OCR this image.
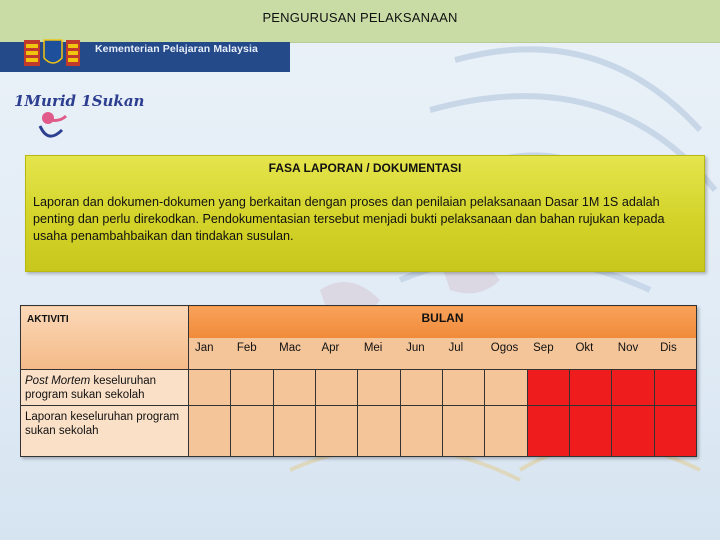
PENGURUSAN PELAKSANAAN
Kementerian Pelajaran Malaysia
1Murid 1Sukan
FASA LAPORAN / DOKUMENTASI
Laporan dan dokumen-dokumen yang berkaitan dengan proses dan penilaian pelaksanaan Dasar 1M 1S adalah penting dan perlu direkodkan. Pendokumentasian tersebut menjadi bukti pelaksanaan dan bahan rujukan kepada usaha penambahbaikan dan tindakan susulan.
AKTIVITI	BULAN											
	Jan	Feb	Mac	Apr	Mei	Jun	Jul	Ogos	Sep	Okt	Nov	Dis
Post Mortem keseluruhan program sukan sekolah												
Laporan keseluruhan program sukan sekolah												
